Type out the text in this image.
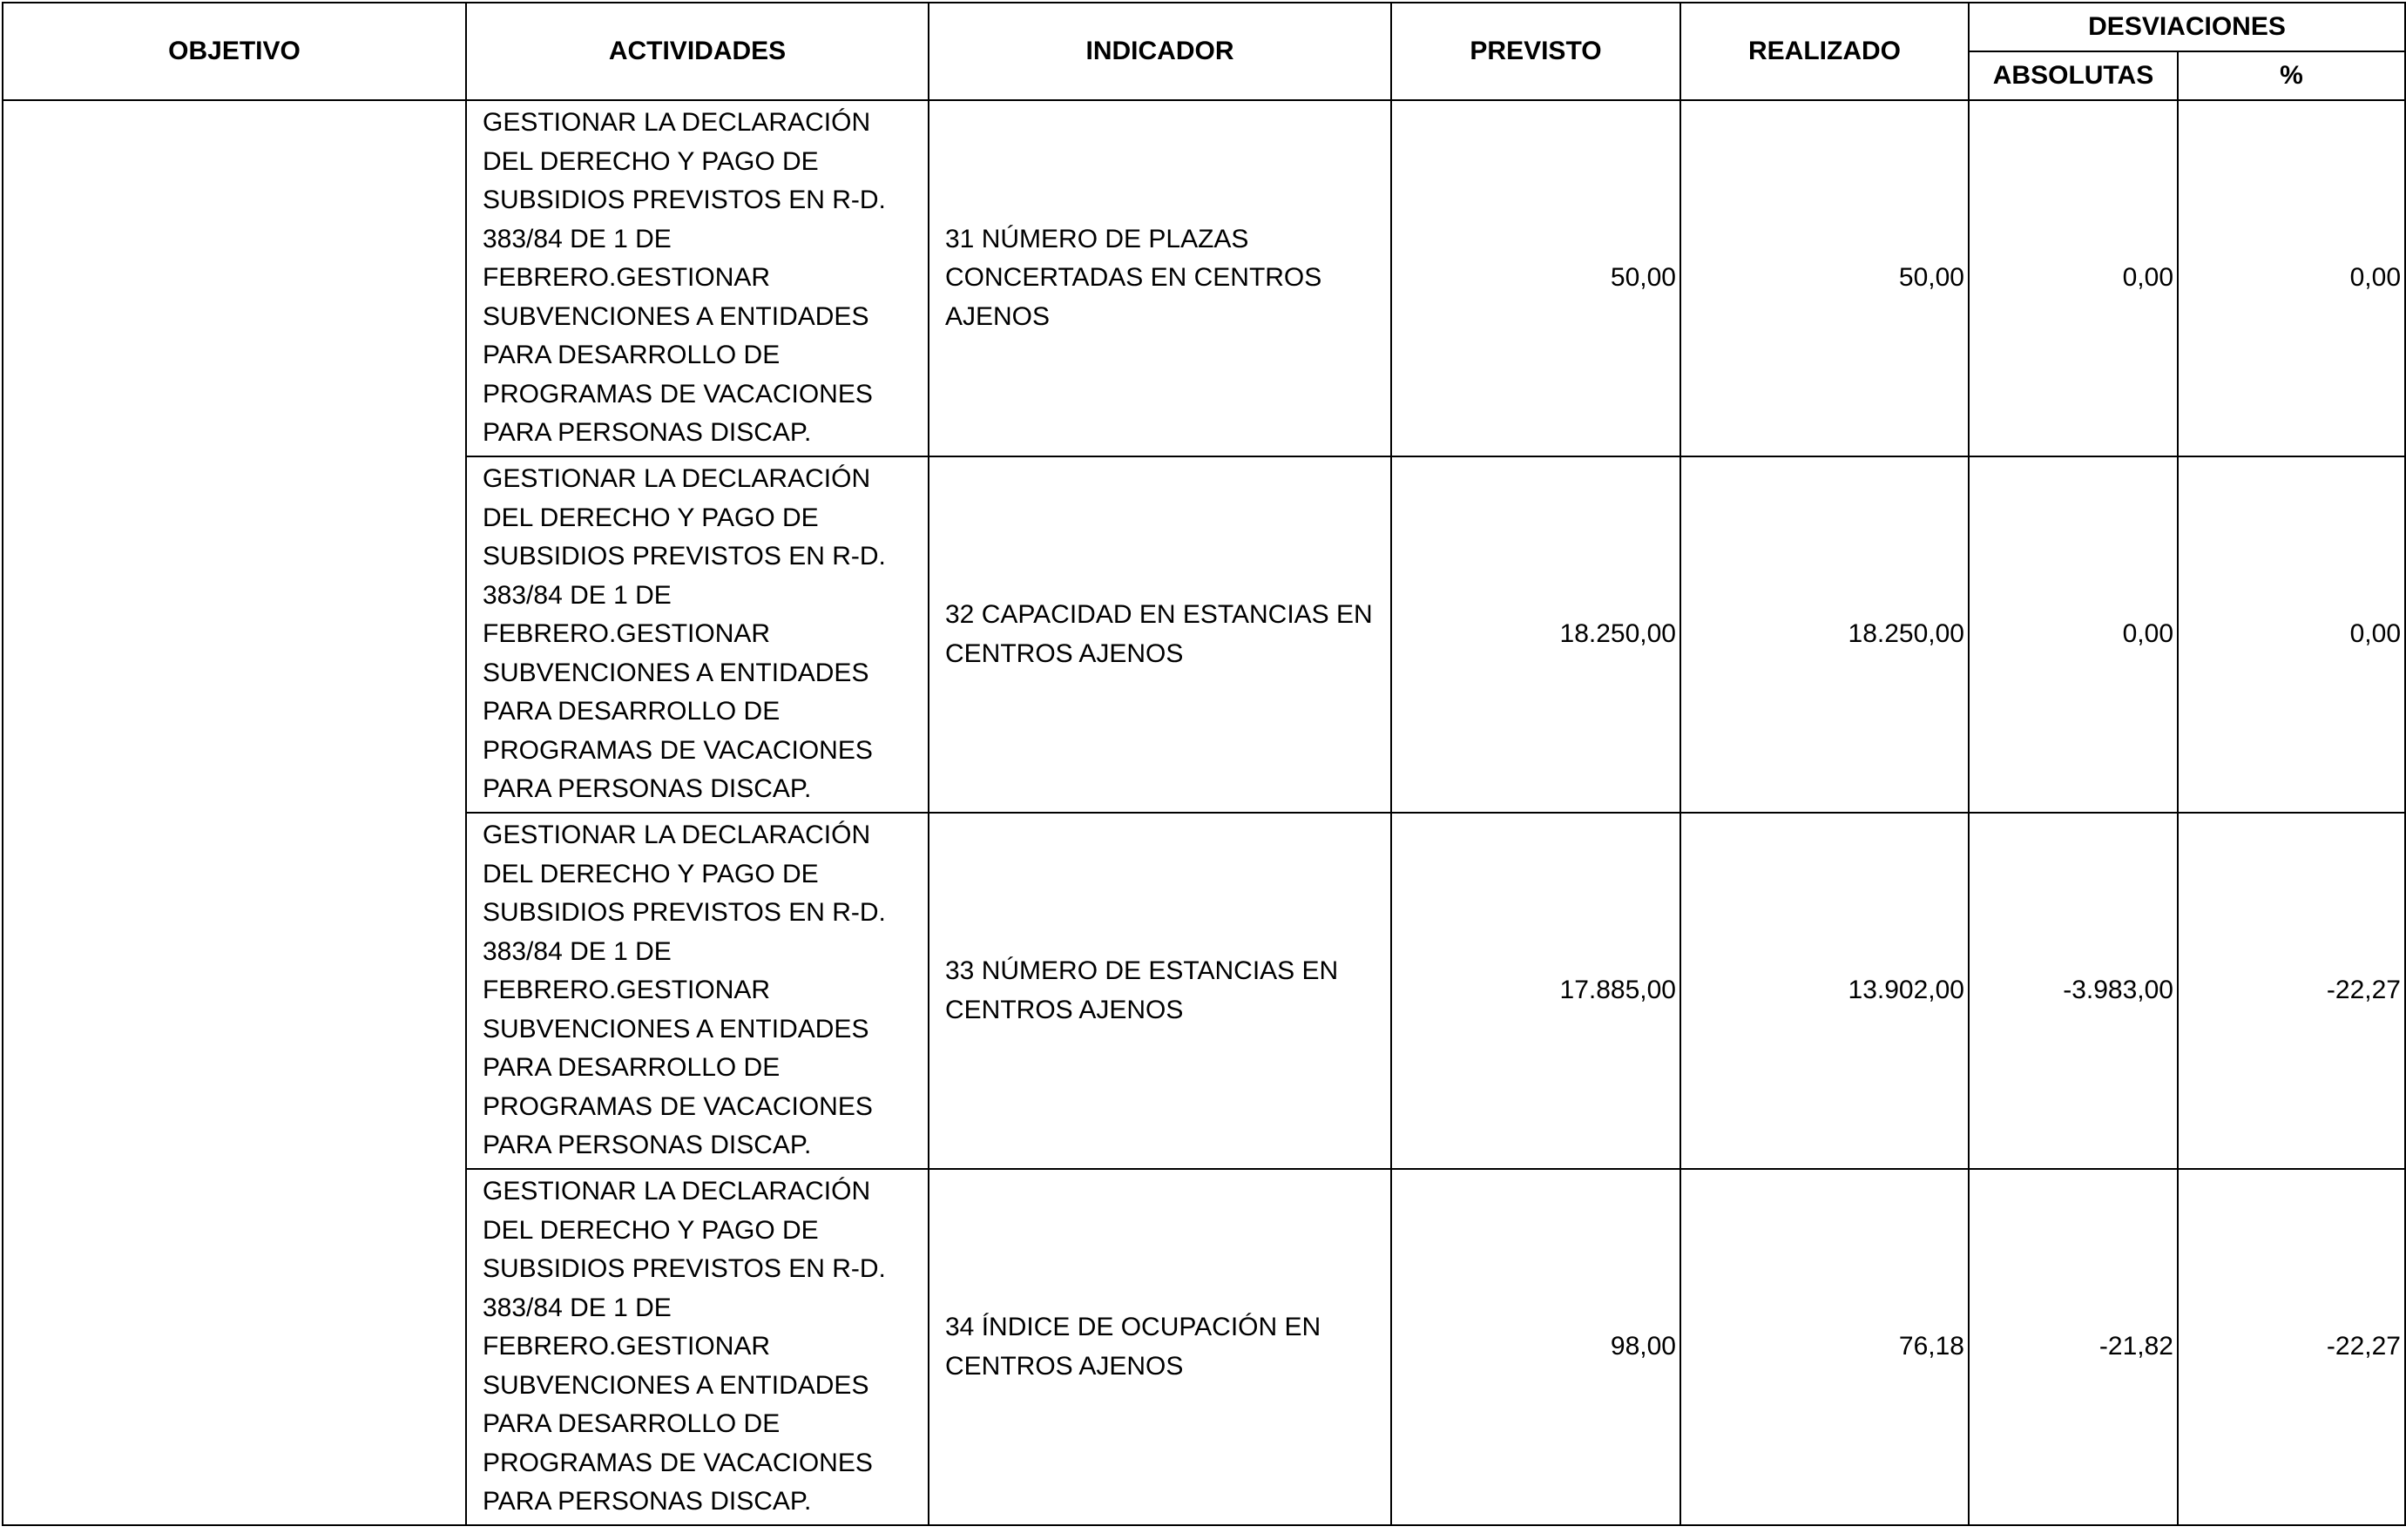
OBJETIVO	ACTIVIDADES	INDICADOR	PREVISTO	REALIZADO	DESVIACIONES	
					ABSOLUTAS	%
	GESTIONAR LA DECLARACIÓN DEL DERECHO Y PAGO DE SUBSIDIOS PREVISTOS EN R-D. 383/84 DE 1 DE FEBRERO.GESTIONAR SUBVENCIONES A ENTIDADES PARA DESARROLLO DE PROGRAMAS DE VACACIONES PARA PERSONAS DISCAP.	31 NÚMERO DE PLAZAS CONCERTADAS EN CENTROS AJENOS	50,00	50,00	0,00	0,00
	GESTIONAR LA DECLARACIÓN DEL DERECHO Y PAGO DE SUBSIDIOS PREVISTOS EN R-D. 383/84 DE 1 DE FEBRERO.GESTIONAR SUBVENCIONES A ENTIDADES PARA DESARROLLO DE PROGRAMAS DE VACACIONES PARA PERSONAS DISCAP.	32 CAPACIDAD EN ESTANCIAS EN CENTROS AJENOS	18.250,00	18.250,00	0,00	0,00
	GESTIONAR LA DECLARACIÓN DEL DERECHO Y PAGO DE SUBSIDIOS PREVISTOS EN R-D. 383/84 DE 1 DE FEBRERO.GESTIONAR SUBVENCIONES A ENTIDADES PARA DESARROLLO DE PROGRAMAS DE VACACIONES PARA PERSONAS DISCAP.	33 NÚMERO DE ESTANCIAS EN CENTROS AJENOS	17.885,00	13.902,00	-3.983,00	-22,27
	GESTIONAR LA DECLARACIÓN DEL DERECHO Y PAGO DE SUBSIDIOS PREVISTOS EN R-D. 383/84 DE 1 DE FEBRERO.GESTIONAR SUBVENCIONES A ENTIDADES PARA DESARROLLO DE PROGRAMAS DE VACACIONES PARA PERSONAS DISCAP.	34 ÍNDICE DE OCUPACIÓN EN CENTROS AJENOS	98,00	76,18	-21,82	-22,27
